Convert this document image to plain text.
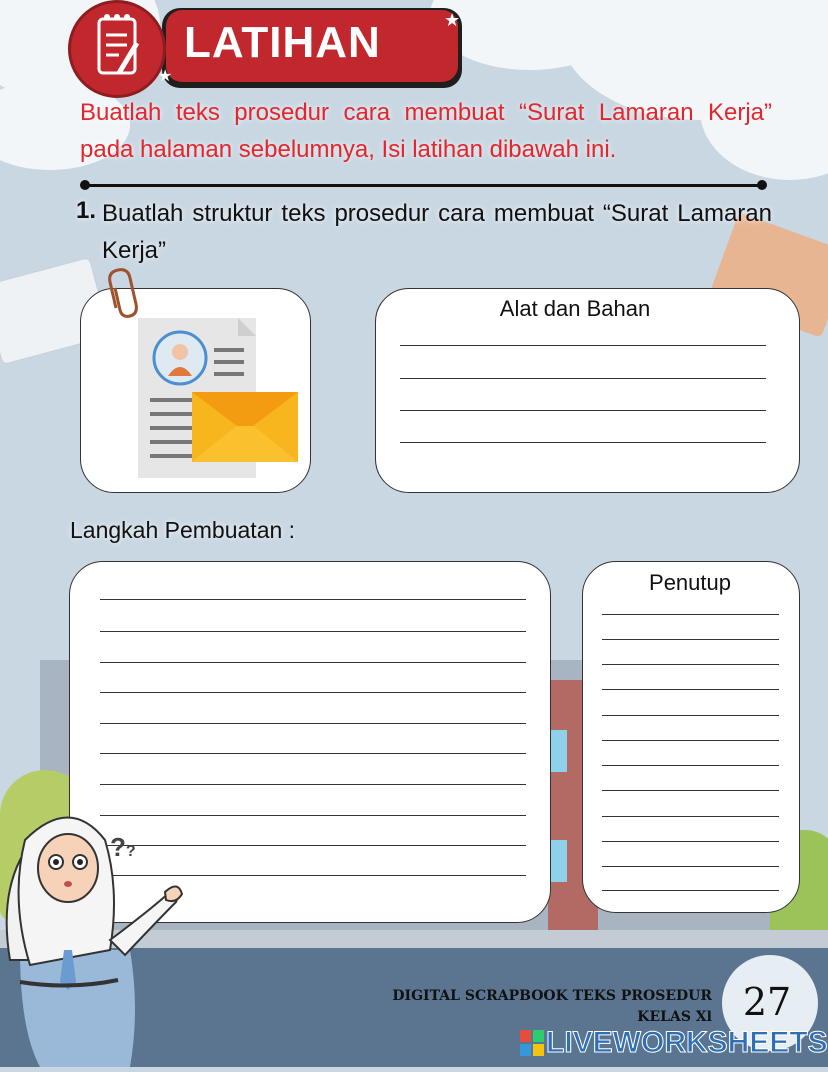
LATIHAN	★
★
Buatlah teks prosedur cara membuat “Surat Lamaran Kerja” pada halaman sebelumnya, Isi latihan dibawah ini.
1. Buatlah struktur teks prosedur cara membuat “Surat Lamaran Kerja”
Alat dan Bahan
Langkah Pembuatan :
Penutup
??
DIGITAL SCRAPBOOK TEKS PROSEDUR
KELAS Xl 27
LIVEWORKSHEETS
